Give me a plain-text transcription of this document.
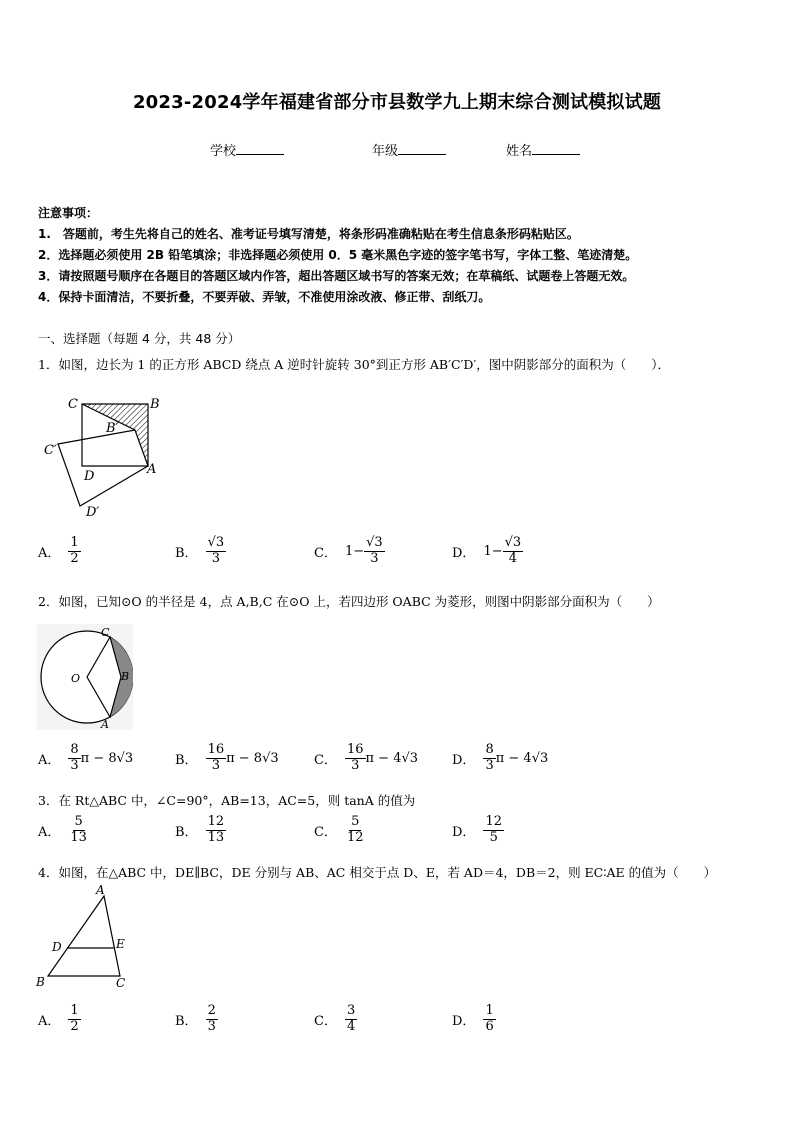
2023-2024学年福建省部分市县数学九上期末综合测试模拟试题
学校	年级	姓名
注意事项：
1.　答题前，考生先将自己的姓名、准考证号填写清楚，将条形码准确粘贴在考生信息条形码粘贴区。
2．选择题必须使用 2B 铅笔填涂；非选择题必须使用 0．5 毫米黑色字迹的签字笔书写，字体工整、笔迹清楚。
3．请按照题号顺序在各题目的答题区域内作答，超出答题区域书写的答案无效；在草稿纸、试题卷上答题无效。
4．保持卡面清洁，不要折叠，不要弄破、弄皱，不准使用涂改液、修正带、刮纸刀。
一、选择题（每题 4 分，共 48 分）
1．如图，边长为 1 的正方形 ABCD 绕点 A 逆时针旋转 30°到正方形 AB′C′D′，图中阴影部分的面积为（　　）．
C	B
B′
C′
D	A
D′
A． $\frac{1}{2}$	B． $\frac{√3}{3}$	C． $1- \frac{√3}{3}$	D． $1- \frac{√3}{4}$
2．如图，已知⊙O 的半径是 4，点 A,B,C 在⊙O 上，若四边形 OABC 为菱形，则图中阴影部分面积为（　　）
C
O	B
A
A． $\frac{8}{3}$ π − 8√3	B． $\frac{16}{3}$ π − 8√3	C． $\frac{16}{3}$ π − 4√3	D． $\frac{8}{3}$ π − 4√3
3．在 Rt△ABC 中，∠C=90°，AB=13，AC=5，则 tanA 的值为
A． $\frac{5}{13}$	B． $\frac{12}{13}$	C． $\frac{5}{12}$	D． $\frac{12}{5}$
4．如图，在△ABC 中，DE∥BC，DE 分别与 AB、AC 相交于点 D、E，若 AD＝4，DB＝2，则 EC∶AE 的值为（　　）
A
D	E
B	C
A． $\frac{1}{2}$	B． $\frac{2}{3}$	C． $\frac{3}{4}$	D． $\frac{1}{6}$
